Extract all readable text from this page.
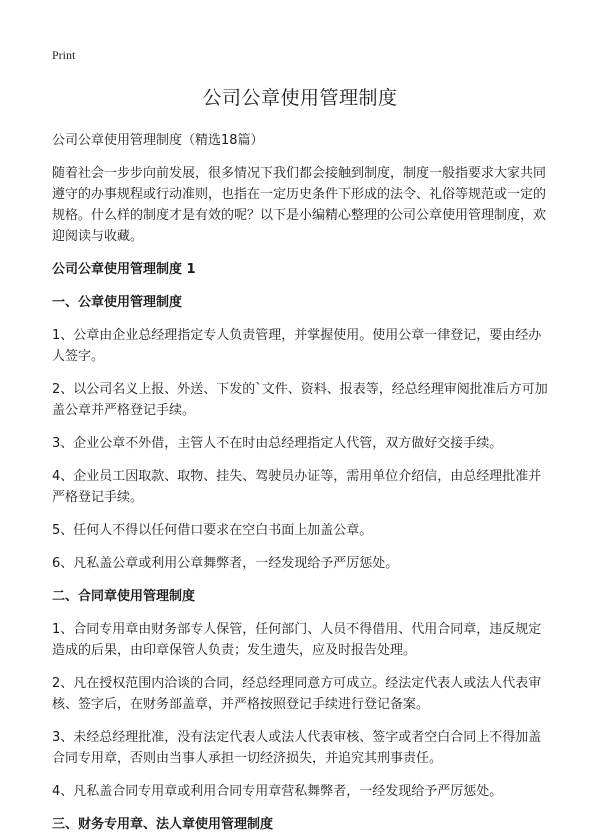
Print
公司公章使用管理制度

公司公章使用管理制度（精选18篇）

随着社会一步步向前发展，很多情况下我们都会接触到制度，制度一般指要求大家共同遵守的办事规程或行动准则，也指在一定历史条件下形成的法令、礼俗等规范或一定的规格。什么样的制度才是有效的呢？以下是小编精心整理的公司公章使用管理制度，欢迎阅读与收藏。

公司公章使用管理制度 1

一、公章使用管理制度

1、公章由企业总经理指定专人负责管理，并掌握使用。使用公章一律登记，要由经办人签字。

2、以公司名义上报、外送、下发的`文件、资料、报表等，经总经理审阅批准后方可加盖公章并严格登记手续。

3、企业公章不外借，主管人不在时由总经理指定人代管，双方做好交接手续。

4、企业员工因取款、取物、挂失、驾驶员办证等，需用单位介绍信，由总经理批准并严格登记手续。

5、任何人不得以任何借口要求在空白书面上加盖公章。

6、凡私盖公章或利用公章舞弊者，一经发现给予严厉惩处。

二、合同章使用管理制度

1、合同专用章由财务部专人保管，任何部门、人员不得借用、代用合同章，违反规定造成的后果，由印章保管人负责；发生遗失，应及时报告处理。

2、凡在授权范围内洽谈的合同，经总经理同意方可成立。经法定代表人或法人代表审核、签字后，在财务部盖章，并严格按照登记手续进行登记备案。

3、未经总经理批准，没有法定代表人或法人代表审核、签字或者空白合同上不得加盖合同专用章，否则由当事人承担一切经济损失，并追究其刑事责任。

4、凡私盖合同专用章或利用合同专用章营私舞弊者，一经发现给予严厉惩处。

三、财务专用章、法人章使用管理制度
